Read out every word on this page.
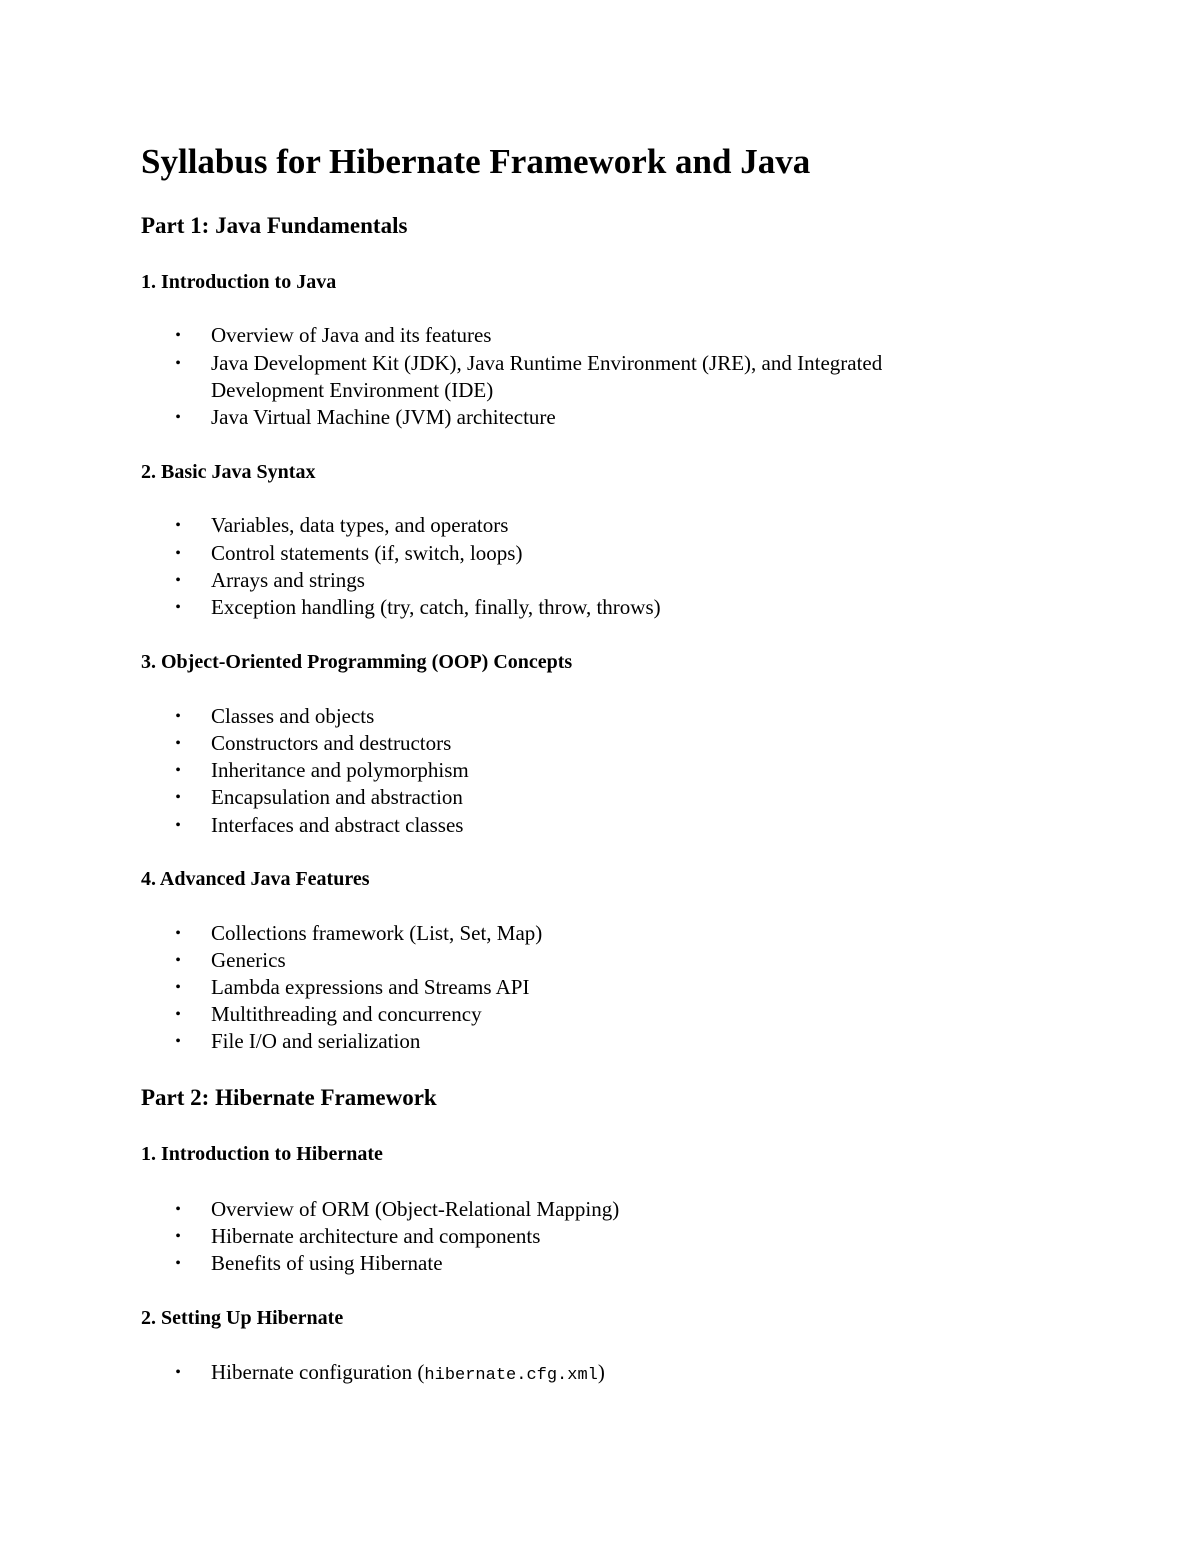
Syllabus for Hibernate Framework and Java
Part 1: Java Fundamentals
1. Introduction to Java
• Overview of Java and its features
• Java Development Kit (JDK), Java Runtime Environment (JRE), and Integrated
Development Environment (IDE)
• Java Virtual Machine (JVM) architecture
2. Basic Java Syntax
• Variables, data types, and operators
• Control statements (if, switch, loops)
• Arrays and strings
• Exception handling (try, catch, finally, throw, throws)
3. Object-Oriented Programming (OOP) Concepts
• Classes and objects
• Constructors and destructors
• Inheritance and polymorphism
• Encapsulation and abstraction
• Interfaces and abstract classes
4. Advanced Java Features
• Collections framework (List, Set, Map)
• Generics
• Lambda expressions and Streams API
• Multithreading and concurrency
• File I/O and serialization
Part 2: Hibernate Framework
1. Introduction to Hibernate
• Overview of ORM (Object-Relational Mapping)
• Hibernate architecture and components
• Benefits of using Hibernate
2. Setting Up Hibernate
• Hibernate configuration (hibernate.cfg.xml)
